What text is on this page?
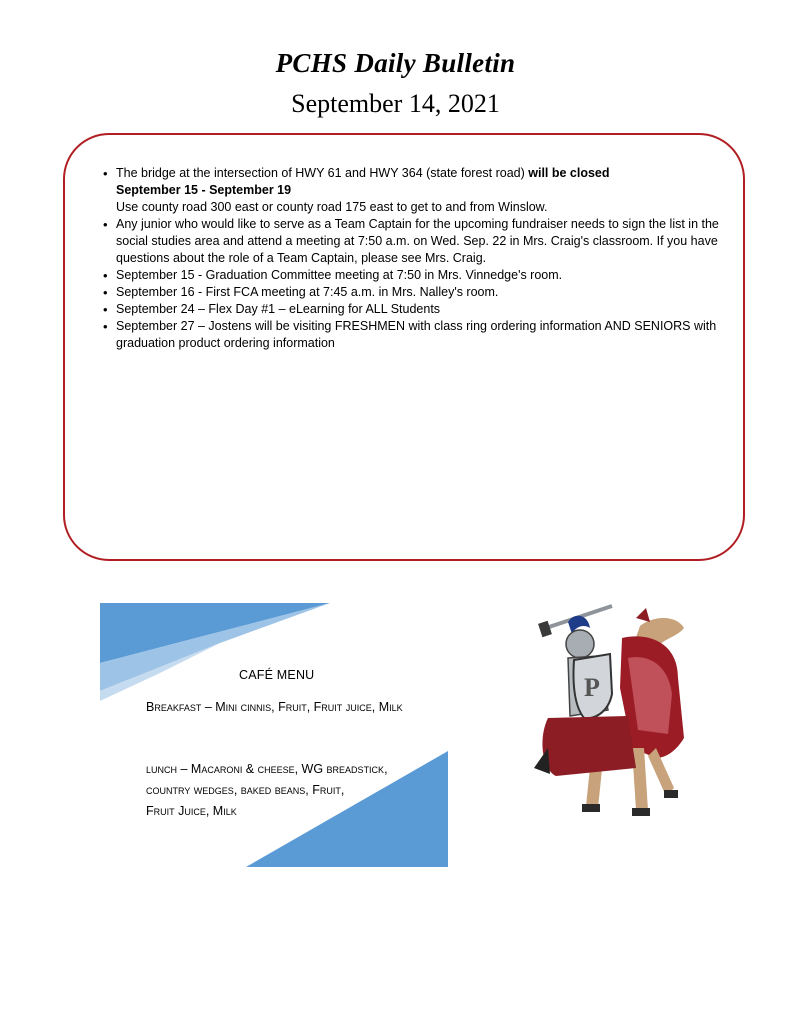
PCHS Daily Bulletin
September 14, 2021
• The bridge at the intersection of HWY 61 and HWY 364 (state forest road) will be closed
September 15 - September 19
Use county road 300 east or county road 175 east to get to and from Winslow.
• Any junior who would like to serve as a Team Captain for the upcoming fundraiser needs to sign the list in the social studies area and attend a meeting at 7:50 a.m. on Wed. Sep. 22 in Mrs. Craig's classroom. If you have questions about the role of a Team Captain, please see Mrs. Craig.
• September 15 - Graduation Committee meeting at 7:50 in Mrs. Vinnedge's room.
• September 16 - First FCA meeting at 7:45 a.m. in Mrs. Nalley's room.
• September 24 – Flex Day #1 – eLearning for ALL Students
• September 27 – Jostens will be visiting FRESHMEN with class ring ordering information AND SENIORS with graduation product ordering information
CAFÉ MENU
Breakfast – Mini cinnis, Fruit, Fruit juice, Milk
lunch – Macaroni & cheese, WG breadstick,
country wedges, baked beans, Fruit,
Fruit Juice, Milk
P
